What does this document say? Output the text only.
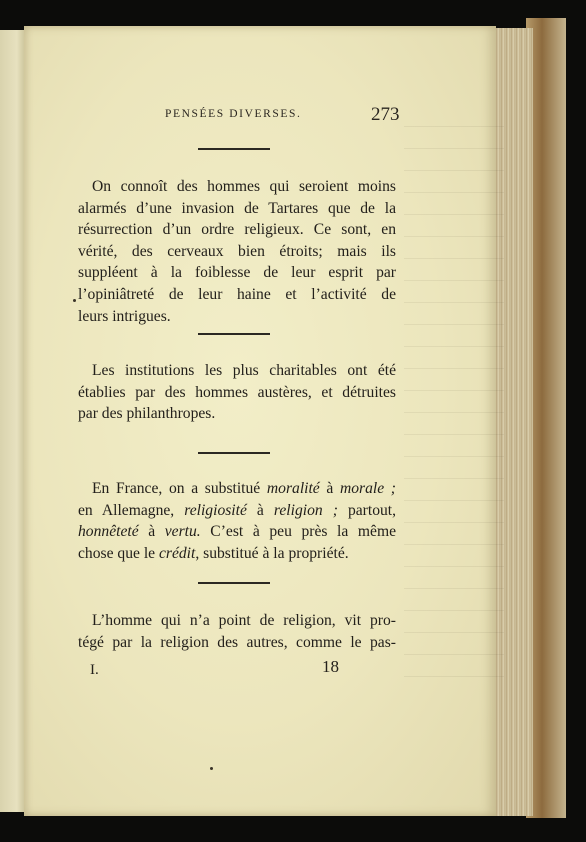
PENSÉES DIVERSES.	273
On connoît des hommes qui seroient moins
alarmés d’une invasion de Tartares que de la
résurrection d’un ordre religieux. Ce sont, en
vérité, des cerveaux bien étroits; mais ils
suppléent à la foiblesse de leur esprit par
l’opiniâtreté de leur haine et l’activité de
leurs intrigues.
Les institutions les plus charitables ont été
établies par des hommes austères, et détruites
par des philanthropes.
En France, on a substitué moralité à morale ;
en Allemagne, religiosité à religion ; partout,
honnêteté à vertu. C’est à peu près la même
chose que le crédit, substitué à la propriété.
L’homme qui n’a point de religion, vit pro-
tégé par la religion des autres, comme le pas-
I.	18
